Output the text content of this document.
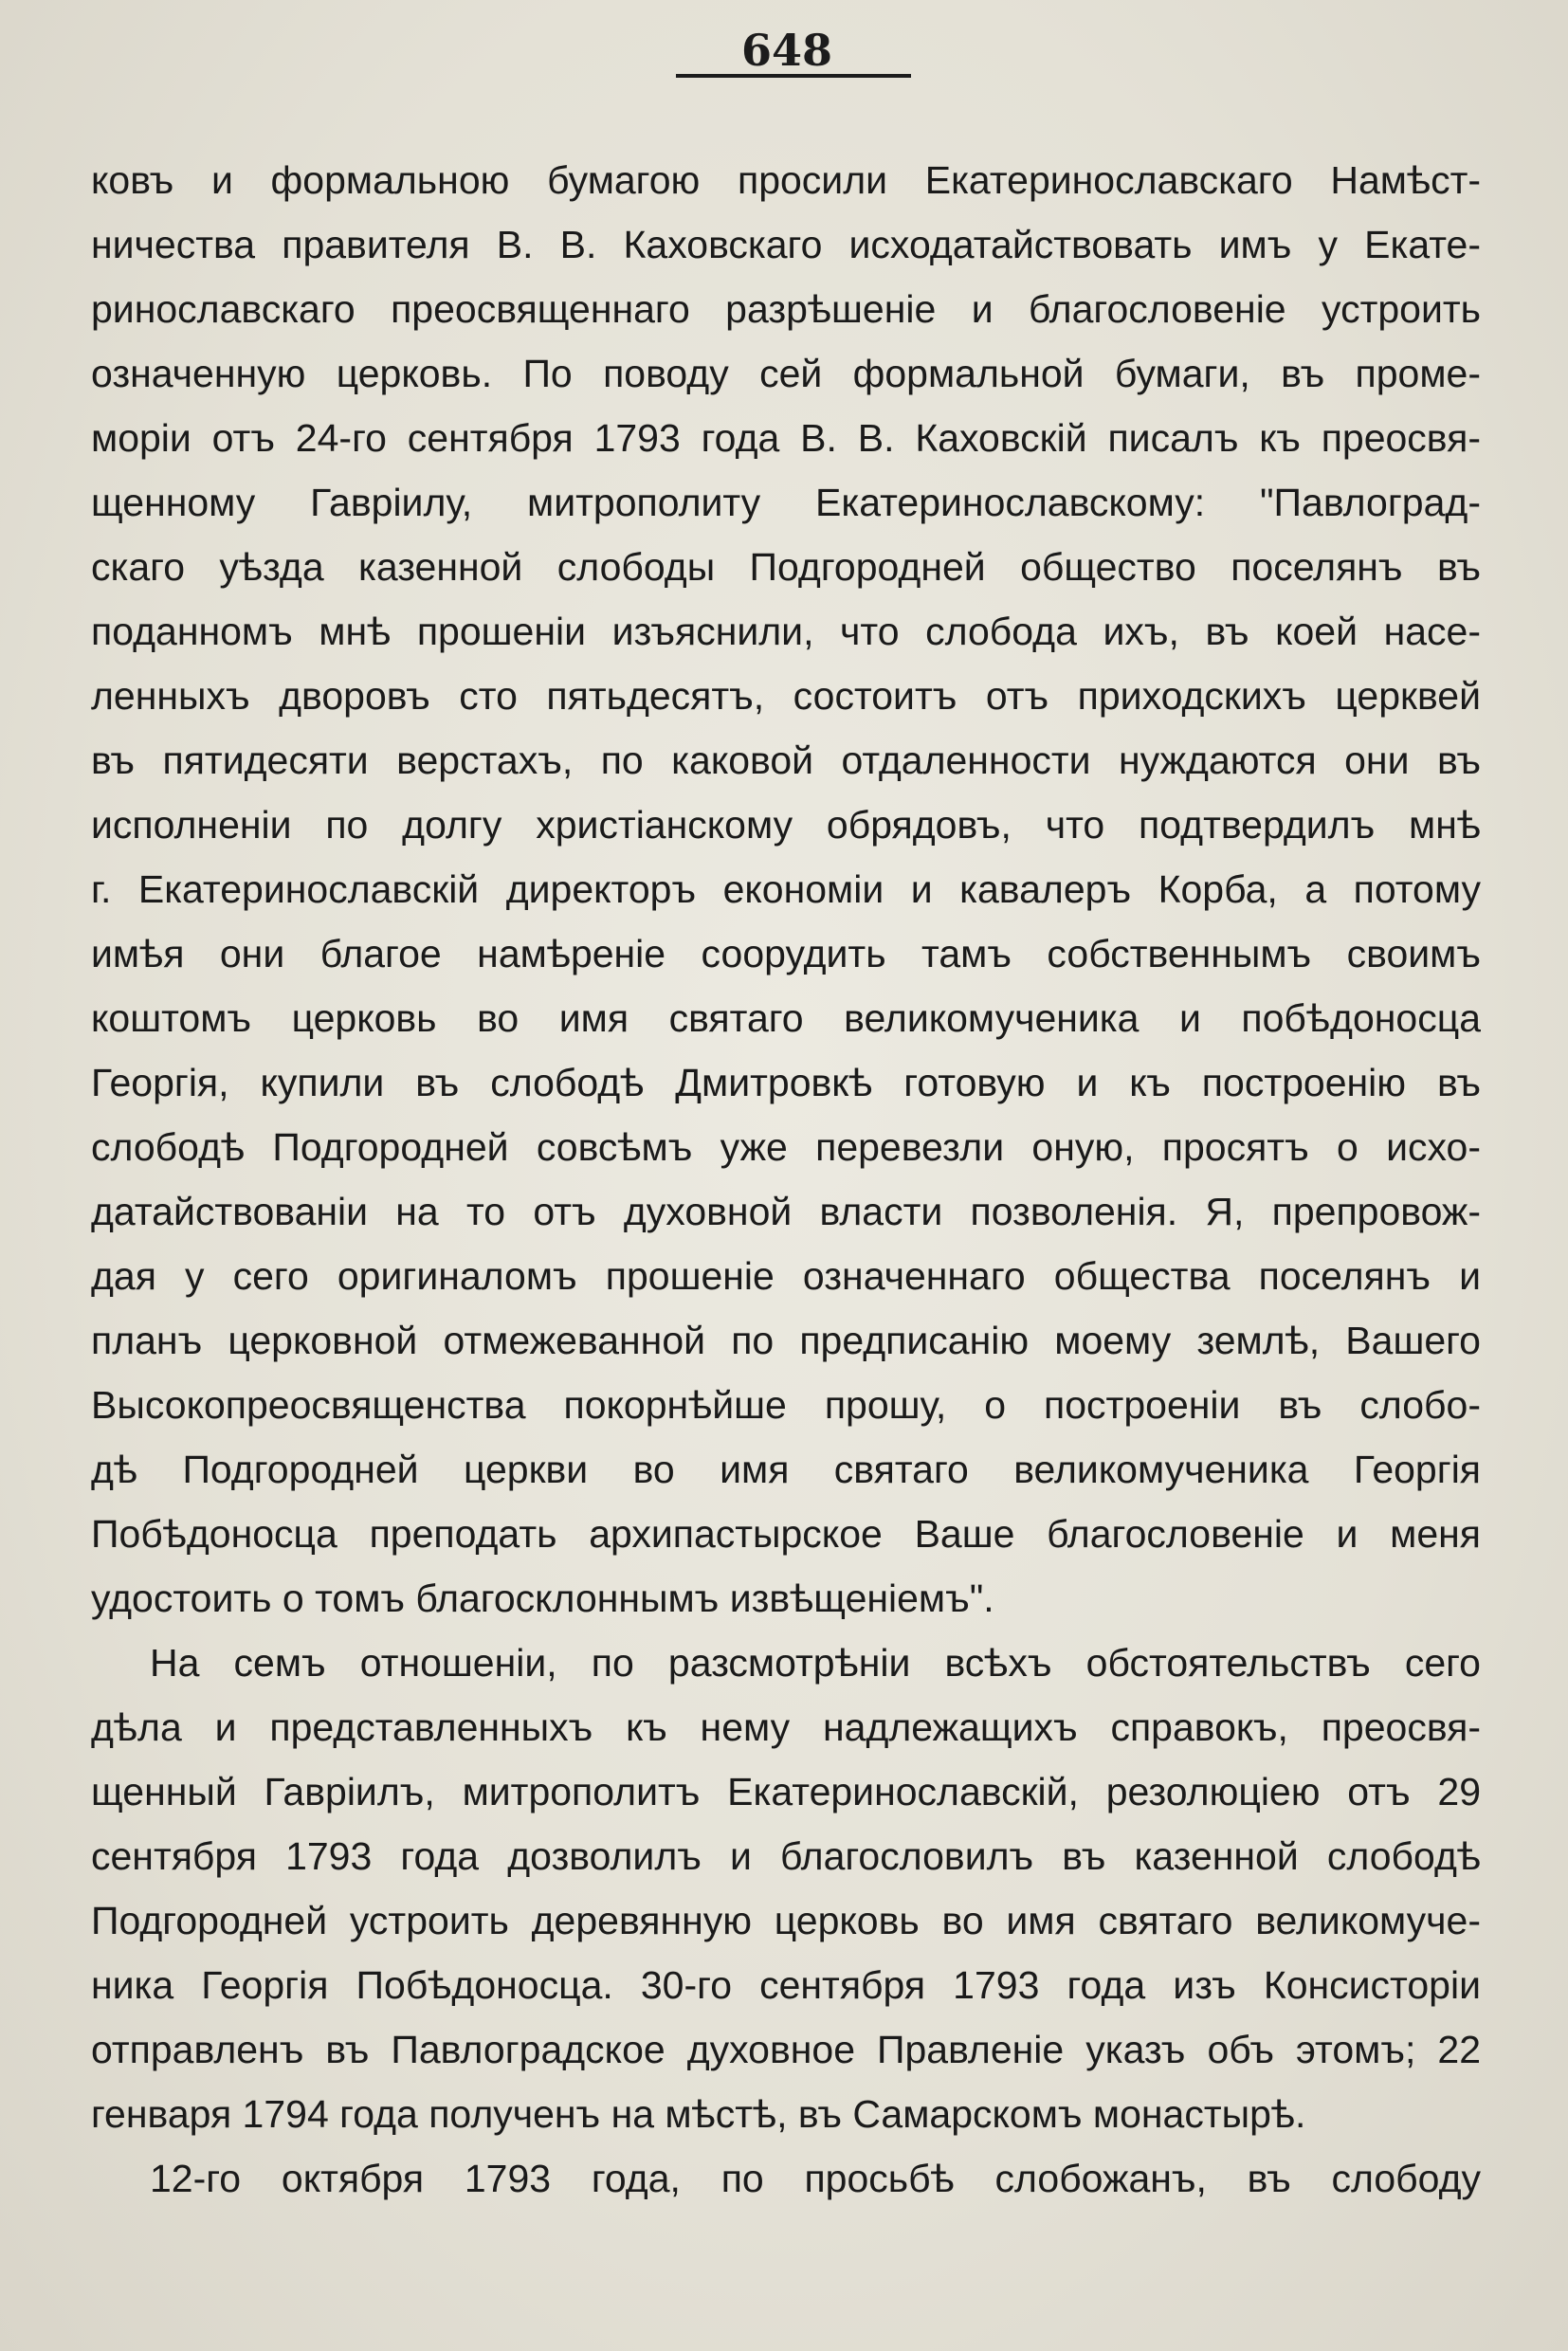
648
ковъ и формальною бумагою просили Екатеринославскаго Намѣст-
ничества правителя В. В. Каховскаго исходатайствовать имъ у Екате-
ринославскаго преосвященнаго разрѣшеніе и благословеніе устроить
означенную церковь. По поводу сей формальной бумаги, въ проме-
моріи отъ 24-го сентября 1793 года В. В. Каховскій писалъ къ преосвя-
щенному Гавріилу, митрополиту Екатеринославскому: "Павлоград-
скаго уѣзда казенной слободы Подгородней общество поселянъ въ
поданномъ мнѣ прошеніи изъяснили, что слобода ихъ, въ коей насе-
ленныхъ дворовъ сто пятьдесятъ, состоитъ отъ приходскихъ церквей
въ пятидесяти верстахъ, по каковой отдаленности нуждаются они въ
исполненіи по долгу христіанскому обрядовъ, что подтвердилъ мнѣ
г. Екатеринославскій директоръ економіи и кавалеръ Корба, а потому
имѣя они благое намѣреніе соорудить тамъ собственнымъ своимъ
коштомъ церковь во имя святаго великомученика и побѣдоносца
Георгія, купили въ слободѣ Дмитровкѣ готовую и къ построенію въ
слободѣ Подгородней совсѣмъ уже перевезли оную, просятъ о исхо-
датайствованіи на то отъ духовной власти позволенія. Я, препровож-
дая у сего оригиналомъ прошеніе означеннаго общества поселянъ и
планъ церковной отмежеванной по предписанію моему землѣ, Вашего
Высокопреосвященства покорнѣйше прошу, о построеніи въ слобо-
дѣ Подгородней церкви во имя святаго великомученика Георгія
Побѣдоносца преподать архипастырское Ваше благословеніе и меня
удостоить о томъ благосклоннымъ извѣщеніемъ".
На семъ отношеніи, по разсмотрѣніи всѣхъ обстоятельствъ сего
дѣла и представленныхъ къ нему надлежащихъ справокъ, преосвя-
щенный Гавріилъ, митрополитъ Екатеринославскій, резолюціею отъ 29
сентября 1793 года дозволилъ и благословилъ въ казенной слободѣ
Подгородней устроить деревянную церковь во имя святаго великомуче-
ника Георгія Побѣдоносца. 30-го сентября 1793 года изъ Консисторіи
отправленъ въ Павлоградское духовное Правленіе указъ объ этомъ; 22
генваря 1794 года полученъ на мѣстѣ, въ Самарскомъ монастырѣ.
12-го октября 1793 года, по просьбѣ слобожанъ, въ слободу
